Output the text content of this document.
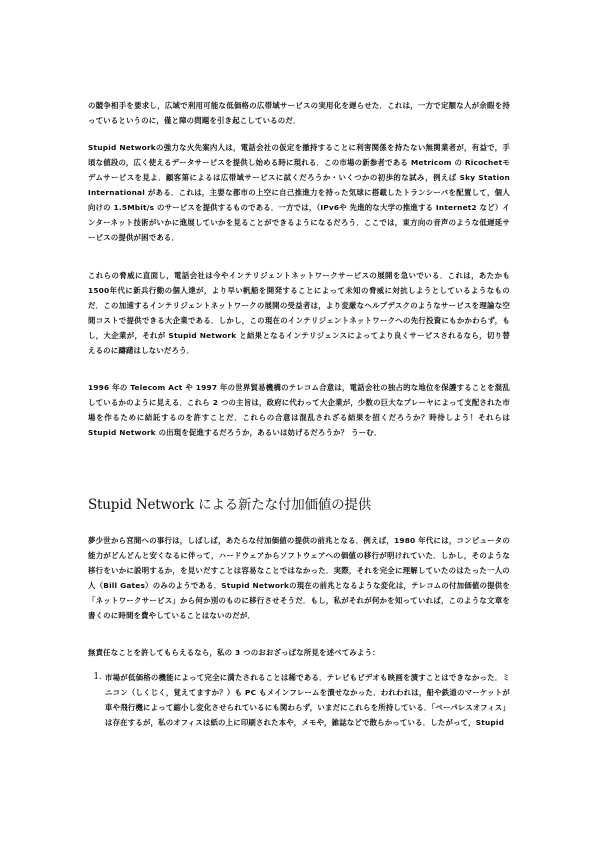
の競争相手を要求し，広域で利用可能な低価格の広帯域サービスの実用化を遅らせた．これは，一方で定額な人が余暇を持っているというのに，僅と障の問題を引き起こしているのだ．
Stupid Networkの強力な火先案内人は，電話会社の仮定を撤持することに利害関係を持たない無関業者が，有益で，手頃な値段の，広く使えるデータサービスを提供し始める時に現れる．この市場の新参者である Metricom の Ricochetモデムサービスを見よ．顧客第によるは広帯域サービスに試くだろうか・いくつかの初歩的な試み，例えば Sky Station International がある．これは，主要な都市の上空に自己推進力を持った気球に搭載したトランシーバを配置して，個人向けの 1.5Mbit/s のサービスを提供するものである．一方では，（IPv6や 先進的な大学の推進する Internet2 など）インターネット技術がいかに進展していかを見ることができるようになるだろう．ここでは，東方向の音声のような低遅延サービスの提供が困である．
これらの脅威に直面し，電話会社は今やインテリジェントネットワークサービスの展開を急いでいる．これは，あたかも 1500年代に新兵行動の個人達が，より早い帆船を開発することによって未知の脅威に対抗しようとしているようなものだ．この加速するインテリジェントネットワークの展開の受益者は，より変厳なヘルプデスクのようなサービスを理論な空間コストで提供できる大企業である．しかし，この現在のインテリジェントネットワークへの先行投資にもかかわらず，もし，大企業が，それが Stupid Network と結果となるインテリジェンスによってより良くサービスされるなら，切り替えるのに躊躇はしないだろう．
1996 年の Telecom Act や 1997 年の世界貿易機構のテレコム合意は，電話会社の独占的な地位を保護することを混乱しているかのように見える．これら 2 つの主旨は，政府に代わって大企業が，少数の巨大なプレーヤによって支配された市場を作るために結託するのを許すことだ．これらの合意は混乱されざる結果を招くだろうか？時待しよう！それらは Stupid Network の出現を促進するだろうか，あるいは妨げるだろうか？ うーむ．
Stupid Network による新たな付加価値の提供
夢少世から宮間への事行は，しばしば，あたらな付加価値の提供の前兆となる．例えば，1980 年代には，コンピュータの能力がどんどんと安くなるに伴って，ハードウェアからソフトウェアへの価値の移行が明けれていた．しかし，そのような移行をいかに説明するか，を見いだすことは容易なことではなかった．実際，それを完全に理解していたのはたった一人の人（Bill Gates）のみのようである．Stupid Networkの現在の前兆となるような変化は，テレコムの付加価値の提供を「ネットワークサービス」から何か別のものに移行させそうだ．もし，私がそれが何かを知っていれば，このような文章を書くのに時間を費やしていることはないのだが．
無責任なことを許してもらえるなら，私の 3 つのおおざっぱな所見を述べてみよう：
1. 市場が低価格の機能によって完全に満たされることは稀である．テレビもビデオも映画を潰すことはできなかった．ミニコン（しくじく，覚えてますか？）も PC もメインフレームを潰せなかった．われわれは，船や鉄道のマーケットが車や飛行機によって縮小し変化させられているにも関わらず，いまだにこれらを所持している．「ペーパレスオフィス」は存在するが，私のオフィスは紙の上に印刷された本や，メモや，雑誌などで散らかっている．したがって，Stupid
